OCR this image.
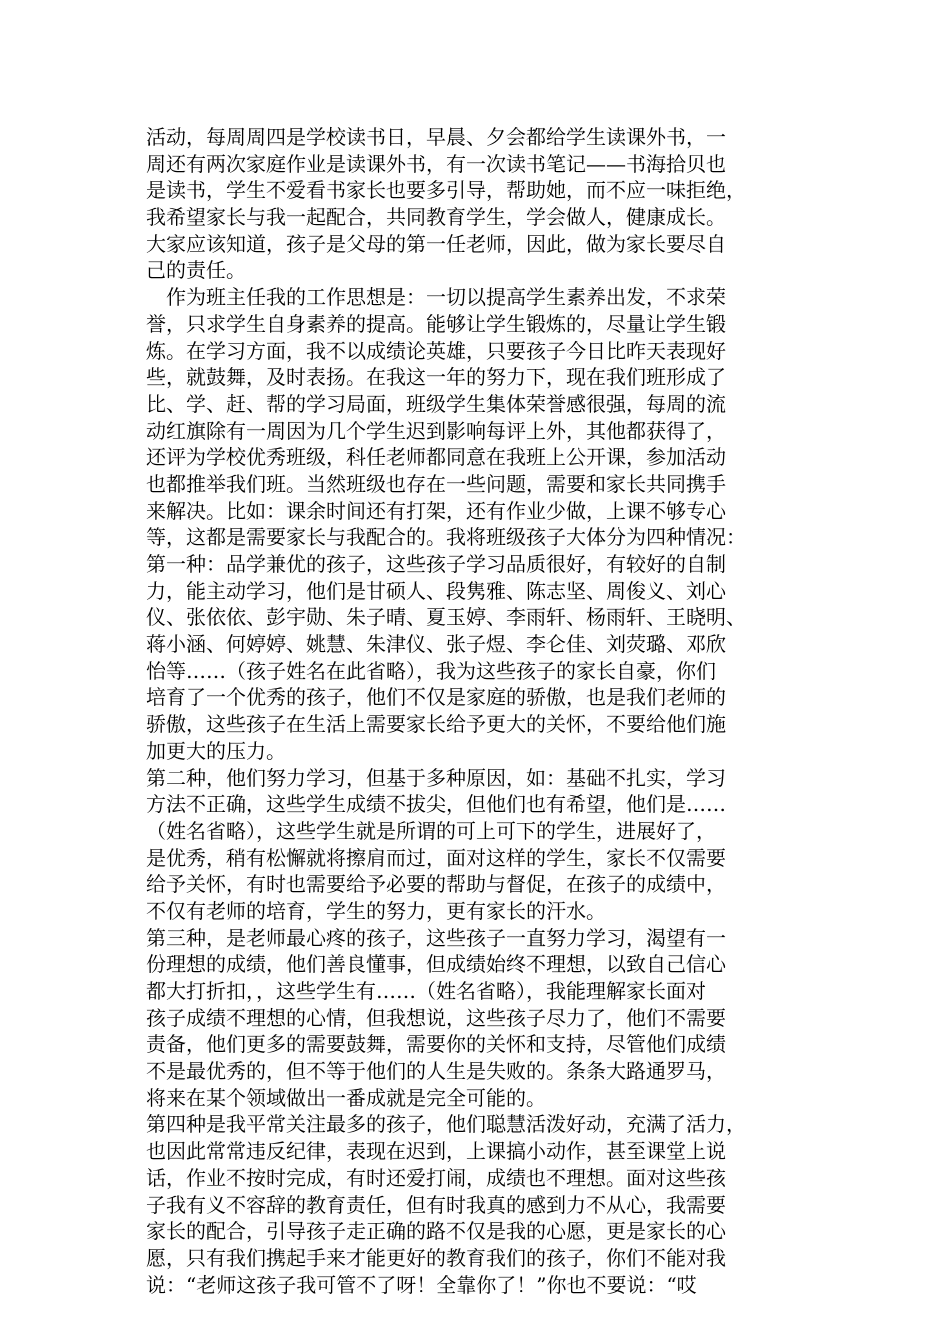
活动，每周周四是学校读书日，早晨、夕会都给学生读课外书，一
周还有两次家庭作业是读课外书，有一次读书笔记——书海拾贝也
是读书，学生不爱看书家长也要多引导，帮助她，而不应一味拒绝，
我希望家长与我一起配合，共同教育学生，学会做人，健康成长。
大家应该知道，孩子是父母的第一任老师，因此，做为家长要尽自
己的责任。
作为班主任我的工作思想是：一切以提高学生素养出发，不求荣
誉，只求学生自身素养的提高。能够让学生锻炼的，尽量让学生锻
炼。在学习方面，我不以成绩论英雄，只要孩子今日比昨天表现好
些，就鼓舞，及时表扬。在我这一年的努力下，现在我们班形成了
比、学、赶、帮的学习局面，班级学生集体荣誉感很强，每周的流
动红旗除有一周因为几个学生迟到影响每评上外，其他都获得了，
还评为学校优秀班级，科任老师都同意在我班上公开课，参加活动
也都推举我们班。当然班级也存在一些问题，需要和家长共同携手
来解决。比如：课余时间还有打架，还有作业少做，上课不够专心
等，这都是需要家长与我配合的。我将班级孩子大体分为四种情况：
第一种：品学兼优的孩子，这些孩子学习品质很好，有较好的自制
力，能主动学习，他们是甘硕人、段隽雅、陈志坚、周俊义、刘心
仪、张依依、彭宇勋、朱子晴、夏玉婷、李雨轩、杨雨轩、王晓明、
蒋小涵、何婷婷、姚慧、朱津仪、张子煜、李仑佳、刘荧璐、邓欣
怡等……（孩子姓名在此省略），我为这些孩子的家长自豪，你们
培育了一个优秀的孩子，他们不仅是家庭的骄傲，也是我们老师的
骄傲，这些孩子在生活上需要家长给予更大的关怀，不要给他们施
加更大的压力。
第二种，他们努力学习，但基于多种原因，如：基础不扎实，学习
方法不正确，这些学生成绩不拔尖，但他们也有希望，他们是……
（姓名省略），这些学生就是所谓的可上可下的学生，进展好了，
是优秀，稍有松懈就将擦肩而过，面对这样的学生，家长不仅需要
给予关怀，有时也需要给予必要的帮助与督促，在孩子的成绩中，
不仅有老师的培育，学生的努力，更有家长的汗水。
第三种，是老师最心疼的孩子，这些孩子一直努力学习，渴望有一
份理想的成绩，他们善良懂事，但成绩始终不理想，以致自己信心
都大打折扣，，这些学生有……（姓名省略），我能理解家长面对
孩子成绩不理想的心情，但我想说，这些孩子尽力了，他们不需要
责备，他们更多的需要鼓舞，需要你的关怀和支持，尽管他们成绩
不是最优秀的，但不等于他们的人生是失败的。条条大路通罗马，
将来在某个领域做出一番成就是完全可能的。
第四种是我平常关注最多的孩子，他们聪慧活泼好动，充满了活力，
也因此常常违反纪律，表现在迟到，上课搞小动作，甚至课堂上说
话，作业不按时完成，有时还爱打闹，成绩也不理想。面对这些孩
子我有义不容辞的教育责任，但有时我真的感到力不从心，我需要
家长的配合，引导孩子走正确的路不仅是我的心愿，更是家长的心
愿，只有我们携起手来才能更好的教育我们的孩子，你们不能对我
说：“老师这孩子我可管不了呀！全靠你了！”你也不要说：“哎
